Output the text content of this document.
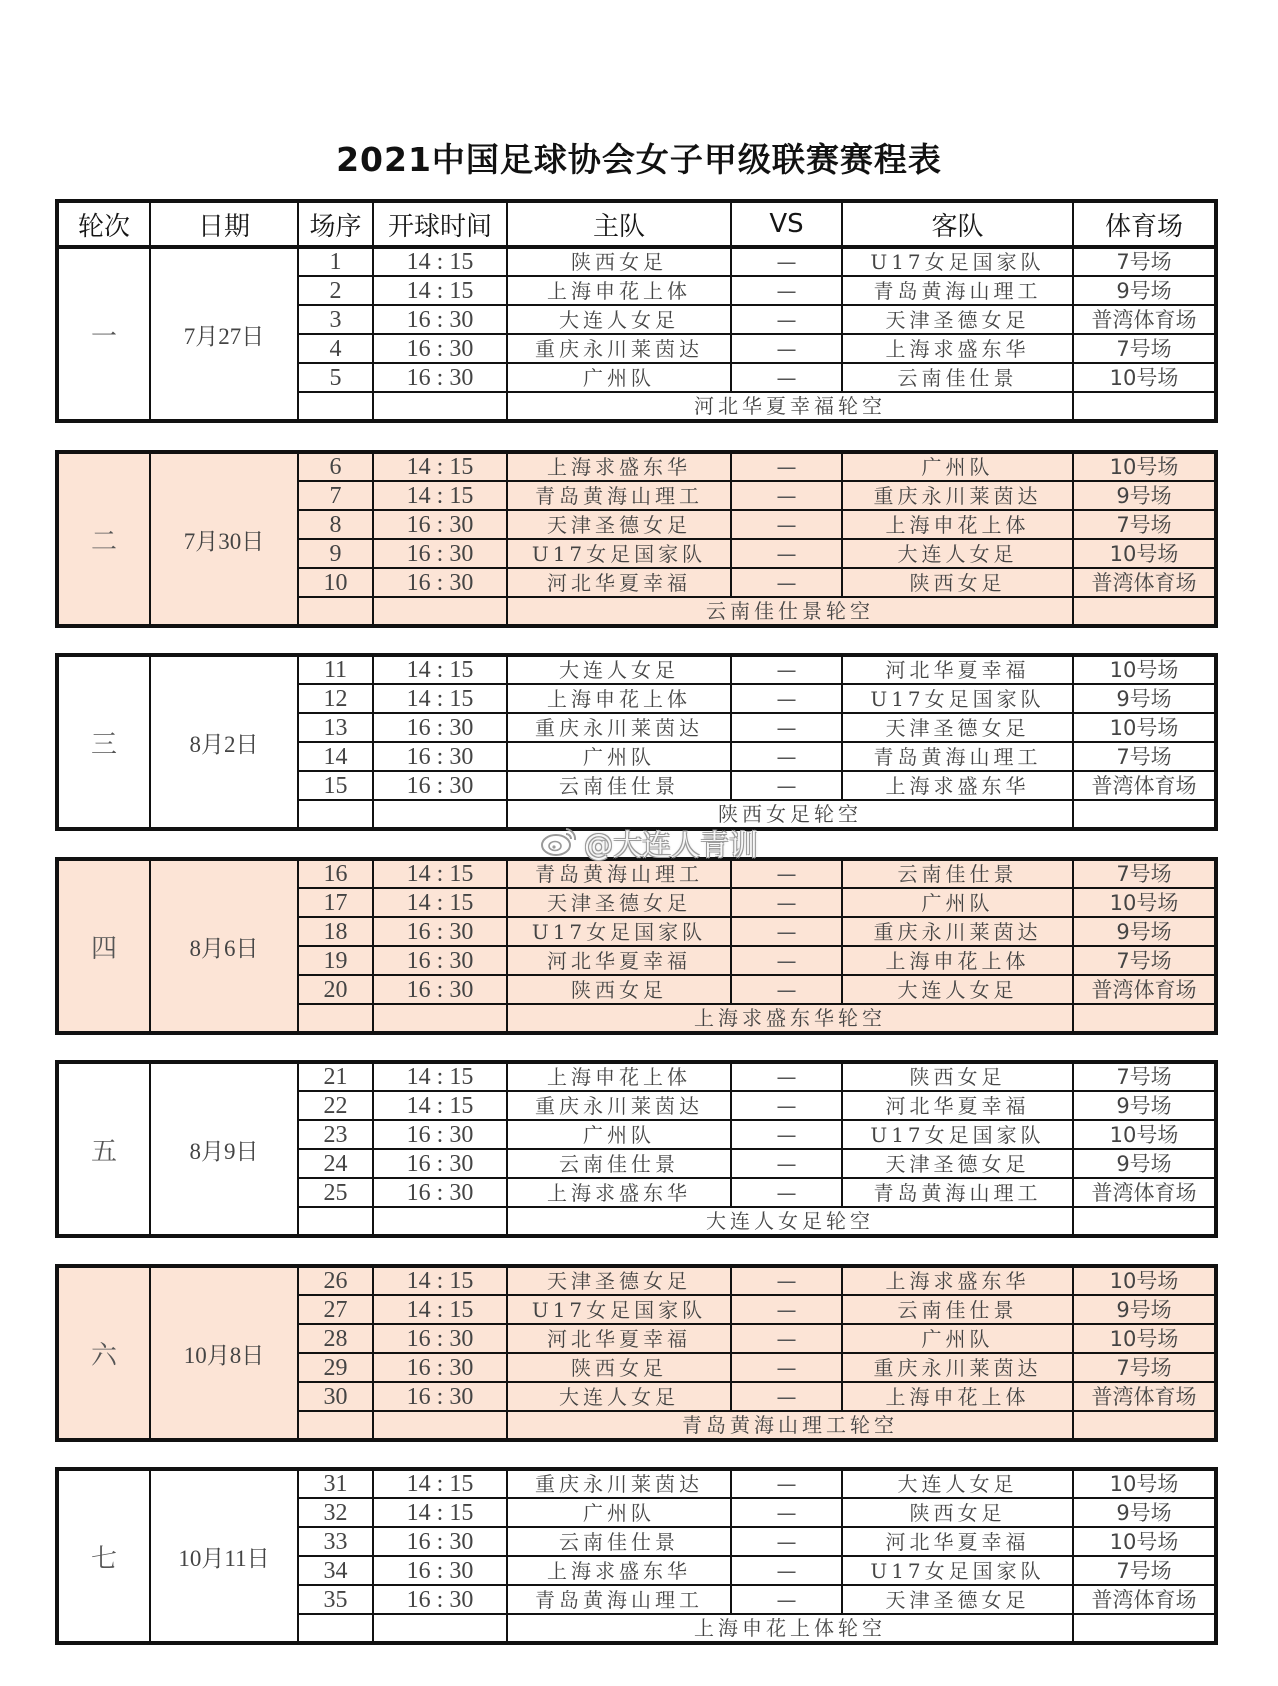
2021中国足球协会女子甲级联赛赛程表
轮次	日期	场序	开球时间	主队	VS	客队	体育场
一	7月27日	1	14 : 15	陕西女足	—	U17女足国家队	7号场
		2	14 : 15	上海申花上体	—	青岛黄海山理工	9号场
		3	16 : 30	大连人女足	—	天津圣德女足	普湾体育场
		4	16 : 30	重庆永川莱茵达	—	上海求盛东华	7号场
		5	16 : 30	广州队	—	云南佳仕景	10号场
				河北华夏幸福轮空			
二	7月30日	6	14 : 15	上海求盛东华	—	广州队	10号场
		7	14 : 15	青岛黄海山理工	—	重庆永川莱茵达	9号场
		8	16 : 30	天津圣德女足	—	上海申花上体	7号场
		9	16 : 30	U17女足国家队	—	大连人女足	10号场
		10	16 : 30	河北华夏幸福	—	陕西女足	普湾体育场
				云南佳仕景轮空			
三	8月2日	11	14 : 15	大连人女足	—	河北华夏幸福	10号场
		12	14 : 15	上海申花上体	—	U17女足国家队	9号场
		13	16 : 30	重庆永川莱茵达	—	天津圣德女足	10号场
		14	16 : 30	广州队	—	青岛黄海山理工	7号场
		15	16 : 30	云南佳仕景	—	上海求盛东华	普湾体育场
				陕西女足轮空			
四	8月6日	16	14 : 15	青岛黄海山理工	—	云南佳仕景	7号场
		17	14 : 15	天津圣德女足	—	广州队	10号场
		18	16 : 30	U17女足国家队	—	重庆永川莱茵达	9号场
		19	16 : 30	河北华夏幸福	—	上海申花上体	7号场
		20	16 : 30	陕西女足	—	大连人女足	普湾体育场
				上海求盛东华轮空			
五	8月9日	21	14 : 15	上海申花上体	—	陕西女足	7号场
		22	14 : 15	重庆永川莱茵达	—	河北华夏幸福	9号场
		23	16 : 30	广州队	—	U17女足国家队	10号场
		24	16 : 30	云南佳仕景	—	天津圣德女足	9号场
		25	16 : 30	上海求盛东华	—	青岛黄海山理工	普湾体育场
				大连人女足轮空			
六	10月8日	26	14 : 15	天津圣德女足	—	上海求盛东华	10号场
		27	14 : 15	U17女足国家队	—	云南佳仕景	9号场
		28	16 : 30	河北华夏幸福	—	广州队	10号场
		29	16 : 30	陕西女足	—	重庆永川莱茵达	7号场
		30	16 : 30	大连人女足	—	上海申花上体	普湾体育场
				青岛黄海山理工轮空			
七	10月11日	31	14 : 15	重庆永川莱茵达	—	大连人女足	10号场
		32	14 : 15	广州队	—	陕西女足	9号场
		33	16 : 30	云南佳仕景	—	河北华夏幸福	10号场
		34	16 : 30	上海求盛东华	—	U17女足国家队	7号场
		35	16 : 30	青岛黄海山理工	—	天津圣德女足	普湾体育场
				上海申花上体轮空			
@大连人青训
